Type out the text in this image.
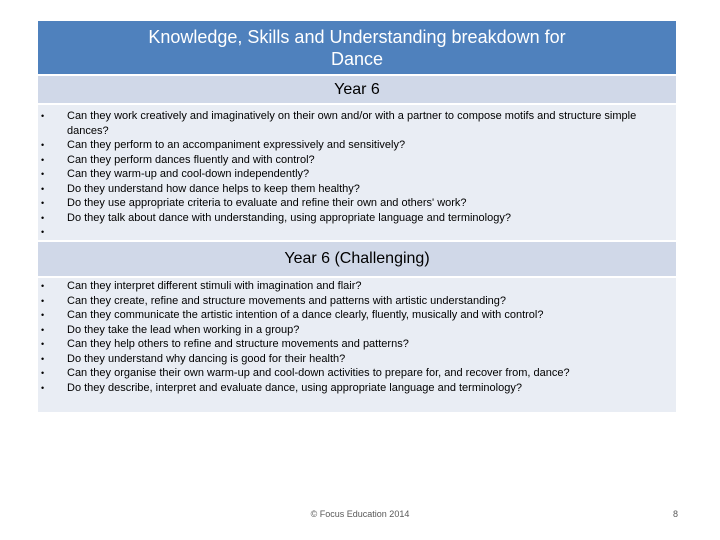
Knowledge, Skills and Understanding breakdown for
Dance
Year 6
• Can they work creatively and imaginatively on their own and/or with a partner to compose motifs and structure simple dances?
• Can they perform to an accompaniment expressively and sensitively?
• Can they perform dances fluently and with control?
• Can they warm-up and cool-down independently?
• Do they understand how dance helps to keep them healthy?
• Do they use appropriate criteria to evaluate and refine their own and others' work?
• Do they talk about dance with understanding, using appropriate language and terminology?
•
Year 6 (Challenging)
• Can they interpret different stimuli with imagination and flair?
• Can they create, refine and structure movements and patterns with artistic understanding?
• Can they communicate the artistic intention of a dance clearly, fluently, musically and with control?
• Do they take the lead when working in a group?
• Can they help others to refine and structure movements and patterns?
• Do they understand why dancing is good for their health?
• Can they organise their own warm-up and cool-down activities to prepare for, and recover from, dance?
• Do they describe, interpret and evaluate dance, using appropriate language and terminology?
© Focus Education 2014	8
